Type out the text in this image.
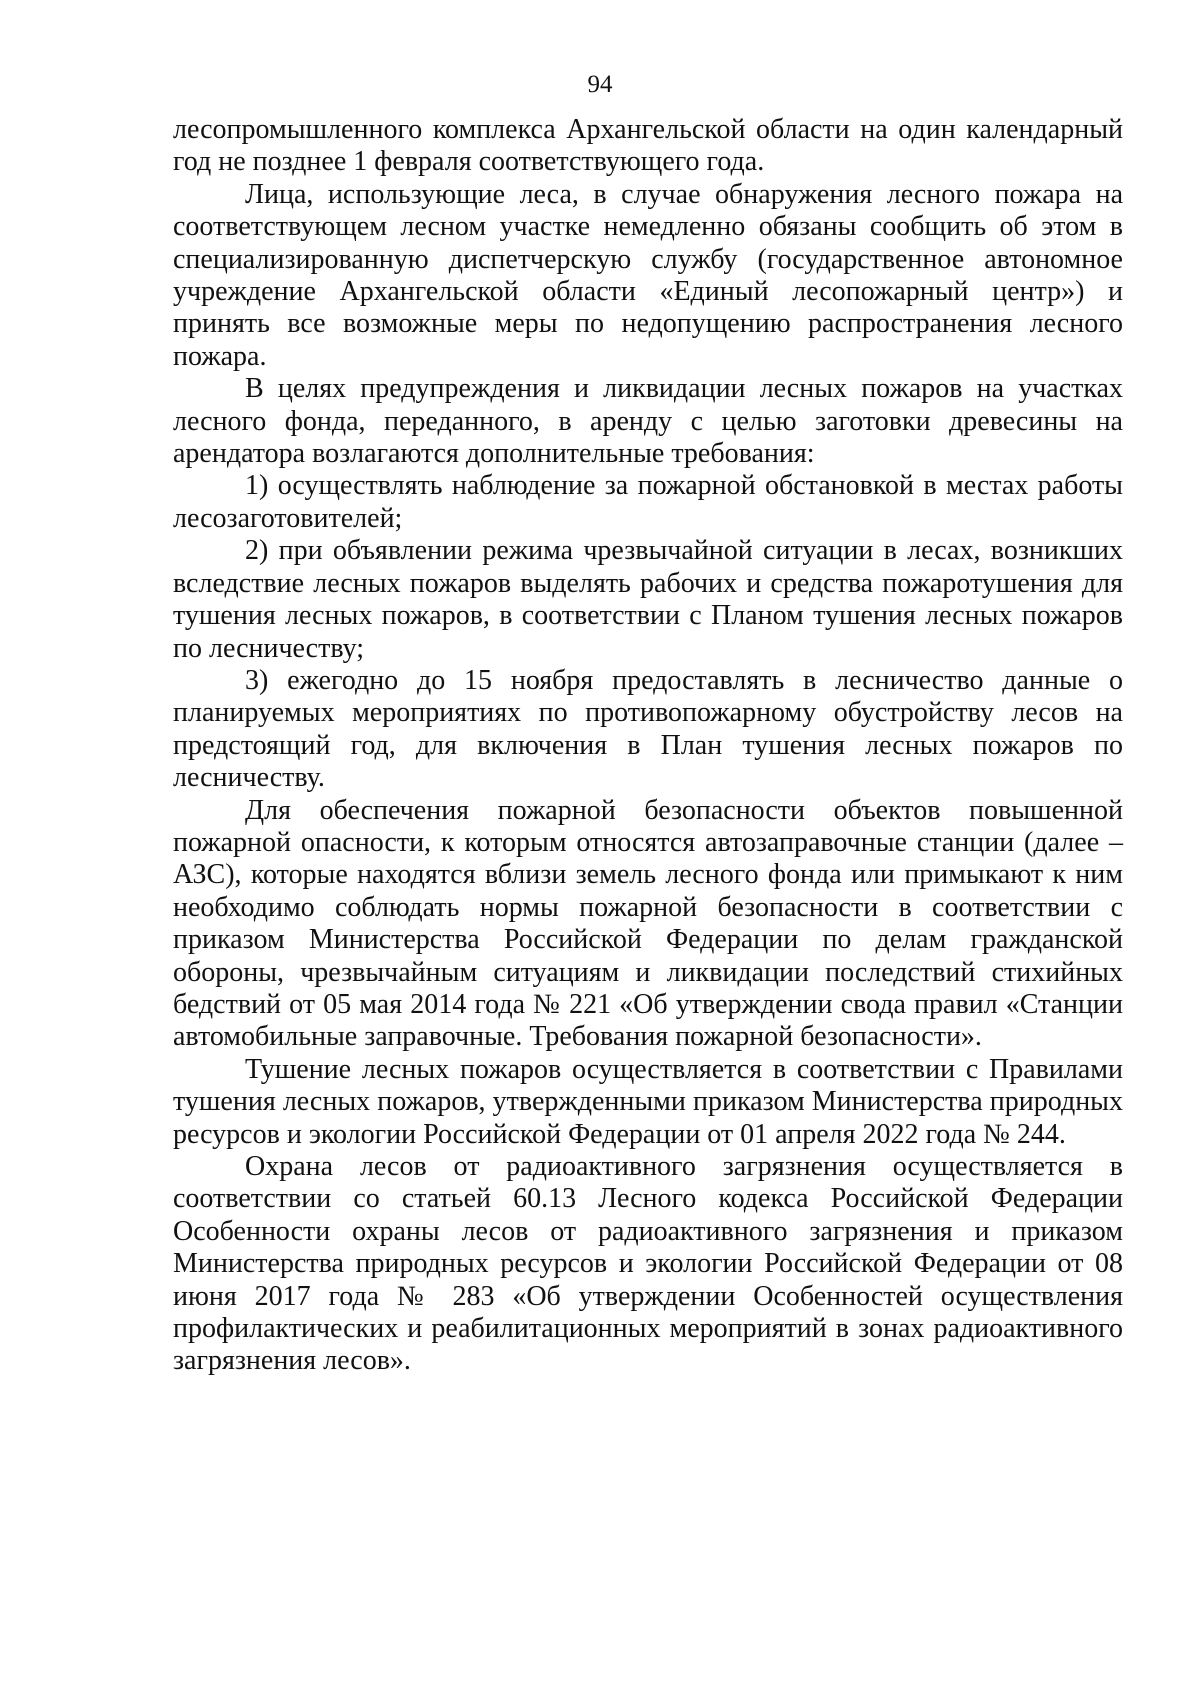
94

лесопромышленного комплекса Архангельской области на один календарный год не позднее 1 февраля соответствующего года.

Лица, использующие леса, в случае обнаружения лесного пожара на соответствующем лесном участке немедленно обязаны сообщить об этом в специализированную диспетчерскую службу (государственное автономное учреждение Архангельской области «Единый лесопожарный центр») и принять все возможные меры по недопущению распространения лесного пожара.

В целях предупреждения и ликвидации лесных пожаров на участках лесного фонда, переданного, в аренду с целью заготовки древесины на арендатора возлагаются дополнительные требования:

1) осуществлять наблюдение за пожарной обстановкой в местах работы лесозаготовителей;

2) при объявлении режима чрезвычайной ситуации в лесах, возникших вследствие лесных пожаров выделять рабочих и средства пожаротушения для тушения лесных пожаров, в соответствии с Планом тушения лесных пожаров по лесничеству;

3) ежегодно до 15 ноября предоставлять в лесничество данные о планируемых мероприятиях по противопожарному обустройству лесов на предстоящий год, для включения в План тушения лесных пожаров по лесничеству.

Для обеспечения пожарной безопасности объектов повышенной пожарной опасности, к которым относятся автозаправочные станции (далее – АЗС), которые находятся вблизи земель лесного фонда или примыкают к ним необходимо соблюдать нормы пожарной безопасности в соответствии с приказом Министерства Российской Федерации по делам гражданской обороны, чрезвычайным ситуациям и ликвидации последствий стихийных бедствий от 05 мая 2014 года № 221 «Об утверждении свода правил «Станции автомобильные заправочные. Требования пожарной безопасности».

Тушение лесных пожаров осуществляется в соответствии с Правилами тушения лесных пожаров, утвержденными приказом Министерства природных ресурсов и экологии Российской Федерации от 01 апреля 2022 года № 244.

Охрана лесов от радиоактивного загрязнения осуществляется в соответствии со статьей 60.13 Лесного кодекса Российской Федерации Особенности охраны лесов от радиоактивного загрязнения и приказом Министерства природных ресурсов и экологии Российской Федерации от 08 июня 2017 года № 283 «Об утверждении Особенностей осуществления профилактических и реабилитационных мероприятий в зонах радиоактивного загрязнения лесов».
